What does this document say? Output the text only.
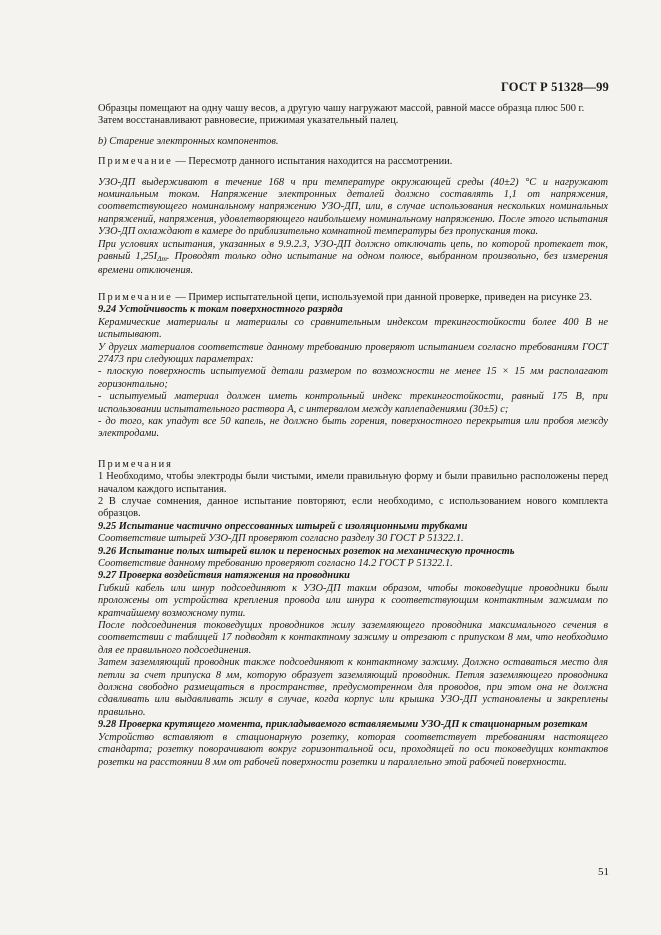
ГОСТ Р 51328—99

Образцы помещают на одну чашу весов, а другую чашу нагружают массой, равной массе образца плюс 500 г.

Затем восстанавливают равновесие, прижимая указательный палец.

b) Старение электронных компонентов.

Примечание — Пересмотр данного испытания находится на рассмотрении.

УЗО-ДП выдерживают в течение 168 ч при температуре окружающей среды (40±2) °С и нагружают номинальным током. Напряжение электронных деталей должно составлять 1,1 от напряжения, соответствующего номинальному напряжению УЗО-ДП, или, в случае использования нескольких номинальных напряжений, напряжения, удовлетворяющего наибольшему номинальному напряжению. После этого испытания УЗО-ДП охлаждают в камере до приблизительно комнатной температуры без пропускания тока.

При условиях испытания, указанных в 9.9.2.3, УЗО-ДП должно отключать цепь, по которой протекает ток, равный $1,25I_{\Delta m}$. Проводят только одно испытание на одном полюсе, выбранном произвольно, без измерения времени отключения.

Примечание — Пример испытательной цепи, используемой при данной проверке, приведен на рисунке 23.

9.24 Устойчивость к токам поверхностного разряда

Керамические материалы и материалы со сравнительным индексом трекингостойкости более 400 В не испытывают.

У других материалов соответствие данному требованию проверяют испытанием согласно требованиям ГОСТ 27473 при следующих параметрах:

- плоскую поверхность испытуемой детали размером по возможности не менее 15 × 15 мм располагают горизонтально;

- испытуемый материал должен иметь контрольный индекс трекингостойкости, равный 175 В, при использовании испытательного раствора А, с интервалом между каплепадениями (30±5) с;

- до того, как упадут все 50 капель, не должно быть горения, поверхностного перекрытия или пробоя между электродами.

Примечания

1 Необходимо, чтобы электроды были чистыми, имели правильную форму и были правильно расположены перед началом каждого испытания.

2 В случае сомнения, данное испытание повторяют, если необходимо, с использованием нового комплекта образцов.

9.25 Испытание частично опрессованных штырей с изоляционными трубками

Соответствие штырей УЗО-ДП проверяют согласно разделу 30 ГОСТ Р 51322.1.

9.26 Испытание полых штырей вилок и переносных розеток на механическую прочность

Соответствие данному требованию проверяют согласно 14.2 ГОСТ Р 51322.1.

9.27 Проверка воздействия натяжения на проводники

Гибкий кабель или шнур подсоединяют к УЗО-ДП таким образом, чтобы токоведущие проводники были проложены от устройства крепления провода или шнура к соответствующим контактным зажимам по кратчайшему возможному пути.

После подсоединения токоведущих проводников жилу заземляющего проводника максимального сечения в соответствии с таблицей 17 подводят к контактному зажиму и отрезают с припуском 8 мм, что необходимо для ее правильного подсоединения.

Затем заземляющий проводник также подсоединяют к контактному зажиму. Должно оставаться место для петли за счет припуска 8 мм, которую образует заземляющий проводник. Петля заземляющего проводника должна свободно размещаться в пространстве, предусмотренном для проводов, при этом она не должна сдавливать или выдавливать жилу в случае, когда корпус или крышка УЗО-ДП установлены и закреплены правильно.

9.28 Проверка крутящего момента, прикладываемого вставляемыми УЗО-ДП к стационарным розеткам

Устройство вставляют в стационарную розетку, которая соответствует требованиям настоящего стандарта; розетку поворачивают вокруг горизонтальной оси, проходящей по оси токоведущих контактов розетки на расстоянии 8 мм от рабочей поверхности розетки и параллельно этой рабочей поверхности.

51
